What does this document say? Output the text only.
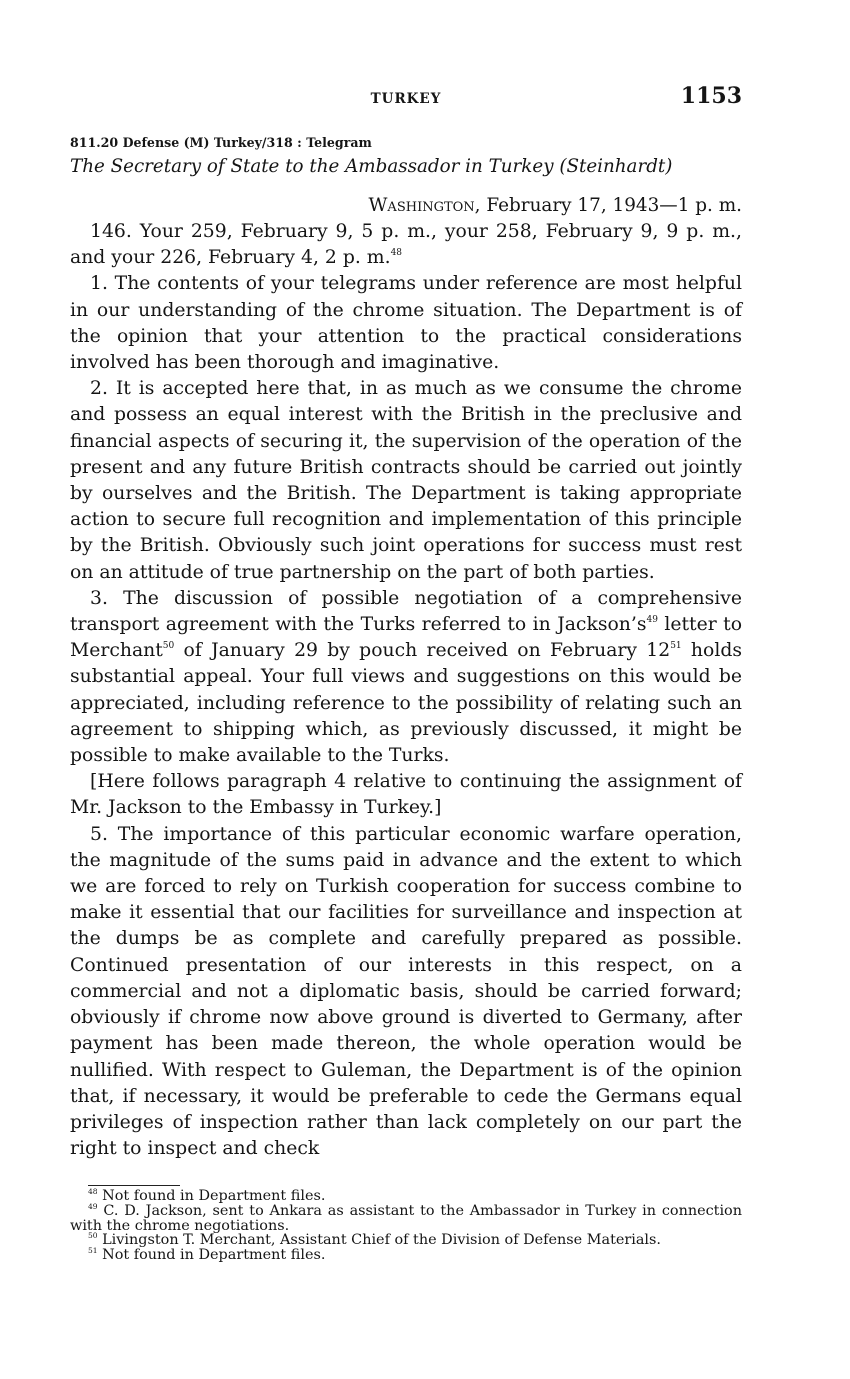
TURKEY	1153
811.20 Defense (M) Turkey/318 : Telegram
The Secretary of State to the Ambassador in Turkey (Steinhardt)
Washington, February 17, 1943—1 p. m.

146. Your 259, February 9, 5 p. m., your 258, February 9, 9 p. m., and your 226, February 4, 2 p. m.$^{48}$

1. The contents of your telegrams under reference are most helpful in our understanding of the chrome situation. The Department is of the opinion that your attention to the practical considerations involved has been thorough and imaginative.

2. It is accepted here that, in as much as we consume the chrome and possess an equal interest with the British in the preclusive and financial aspects of securing it, the supervision of the operation of the present and any future British contracts should be carried out jointly by ourselves and the British. The Department is taking appropriate action to secure full recognition and implementation of this principle by the British. Obviously such joint operations for success must rest on an attitude of true partnership on the part of both parties.

3. The discussion of possible negotiation of a comprehensive transport agreement with the Turks referred to in $Jackson’s^{49}$ letter to Merchant$^{50}$ of January 29 by pouch received on February $12^{51}$ holds substantial appeal. Your full views and suggestions on this would be appreciated, including reference to the possibility of relating such an agreement to shipping which, as previously discussed, it might be possible to make available to the Turks.

[Here follows paragraph 4 relative to continuing the assignment of Mr. Jackson to the Embassy in Turkey.]

5. The importance of this particular economic warfare operation, the magnitude of the sums paid in advance and the extent to which we are forced to rely on Turkish cooperation for success combine to make it essential that our facilities for surveillance and inspection at the dumps be as complete and carefully prepared as possible. Continued presentation of our interests in this respect, on a commercial and not a diplomatic basis, should be carried forward; obviously if chrome now above ground is diverted to Germany, after payment has been made thereon, the whole operation would be nullified. With respect to Guleman, the Department is of the opinion that, if necessary, it would be preferable to cede the Germans equal privileges of inspection rather than lack completely on our part the right to inspect and check

$^{48}$ Not found in Department files.

$^{49}$ C. D. Jackson, sent to Ankara as assistant to the Ambassador in Turkey in connection with the chrome negotiations.

$^{50}$ Livingston T. Merchant, Assistant Chief of the Division of Defense Materials.

$^{51}$ Not found in Department files.
